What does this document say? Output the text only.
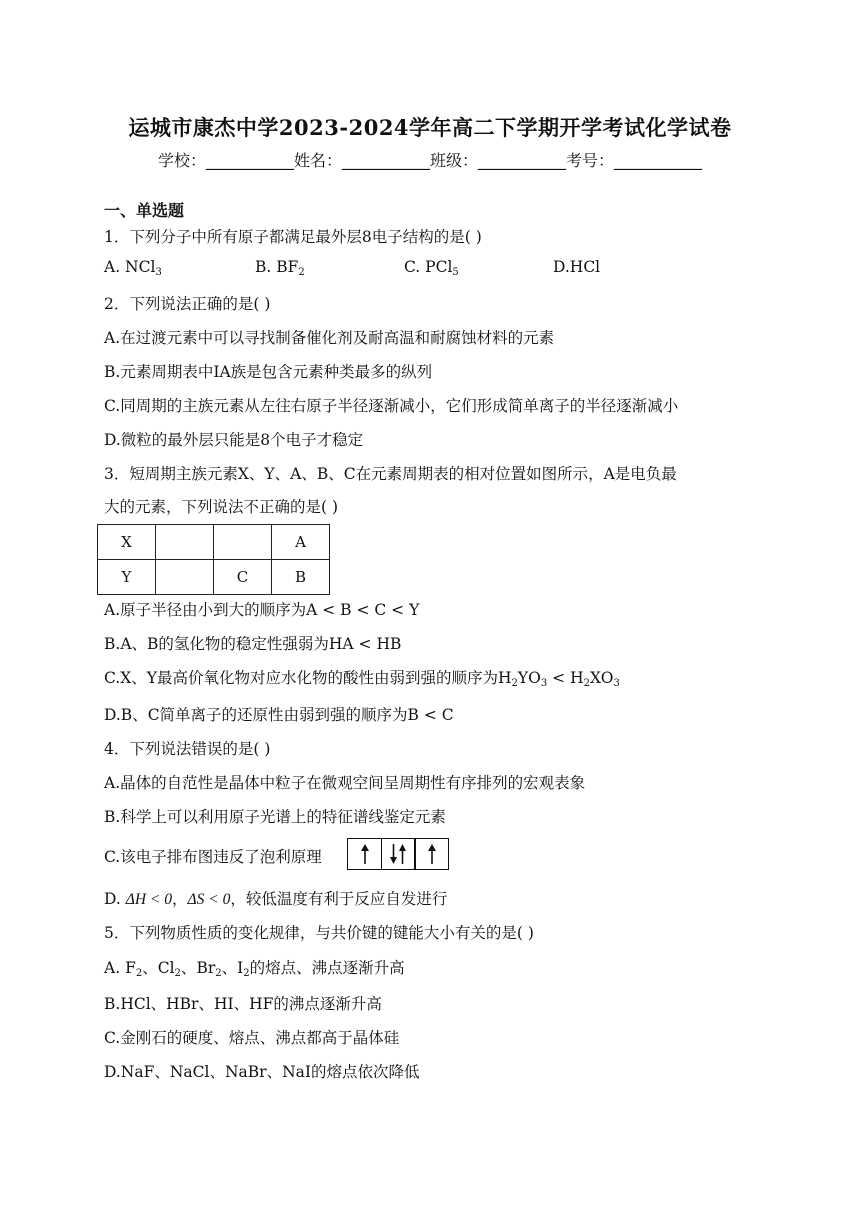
运城市康杰中学2023-2024学年高二下学期开学考试化学试卷
学校：___________姓名：___________班级：___________考号：___________
一、单选题
1．下列分子中所有原子都满足最外层8电子结构的是( )
A. NCl$_3$	B. $BF_2$	C. PCl$_5$	D.HCl
2．下列说法正确的是( )
A.在过渡元素中可以寻找制备催化剂及耐高温和耐腐蚀材料的元素
B.元素周期表中ⅠA族是包含元素种类最多的纵列
C.同周期的主族元素从左往右原子半径逐渐减小，它们形成简单离子的半径逐渐减小
D.微粒的最外层只能是8个电子才稳定
3．短周期主族元素X、Y、A、B、C在元素周期表的相对位置如图所示，A是电负最
大的元素，下列说法不正确的是( )
X			A
Y		C	B
A.原子半径由小到大的顺序为A < B < C < Y
B.A、B的氢化物的稳定性强弱为HA < HB
C.X、Y最高价氧化物对应水化物的酸性由弱到强的顺序为$H_2YO_3 < H_2XO_3$
D.B、C简单离子的还原性由弱到强的顺序为B < C
4．下列说法错误的是( )
A.晶体的自范性是晶体中粒子在微观空间呈周期性有序排列的宏观表象
B.科学上可以利用原子光谱上的特征谱线鉴定元素
C.该电子排布图违反了泡利原理
D. ΔH < 0，ΔS < 0，较低温度有利于反应自发进行
5．下列物质性质的变化规律，与共价键的键能大小有关的是( )
A. $F_2$、$Cl_2$、$Br_2$、$I_2$的熔点、沸点逐渐升高
B.HCl、HBr、HI、HF的沸点逐渐升高
C.金刚石的硬度、熔点、沸点都高于晶体硅
D.NaF、NaCl、NaBr、NaI的熔点依次降低
